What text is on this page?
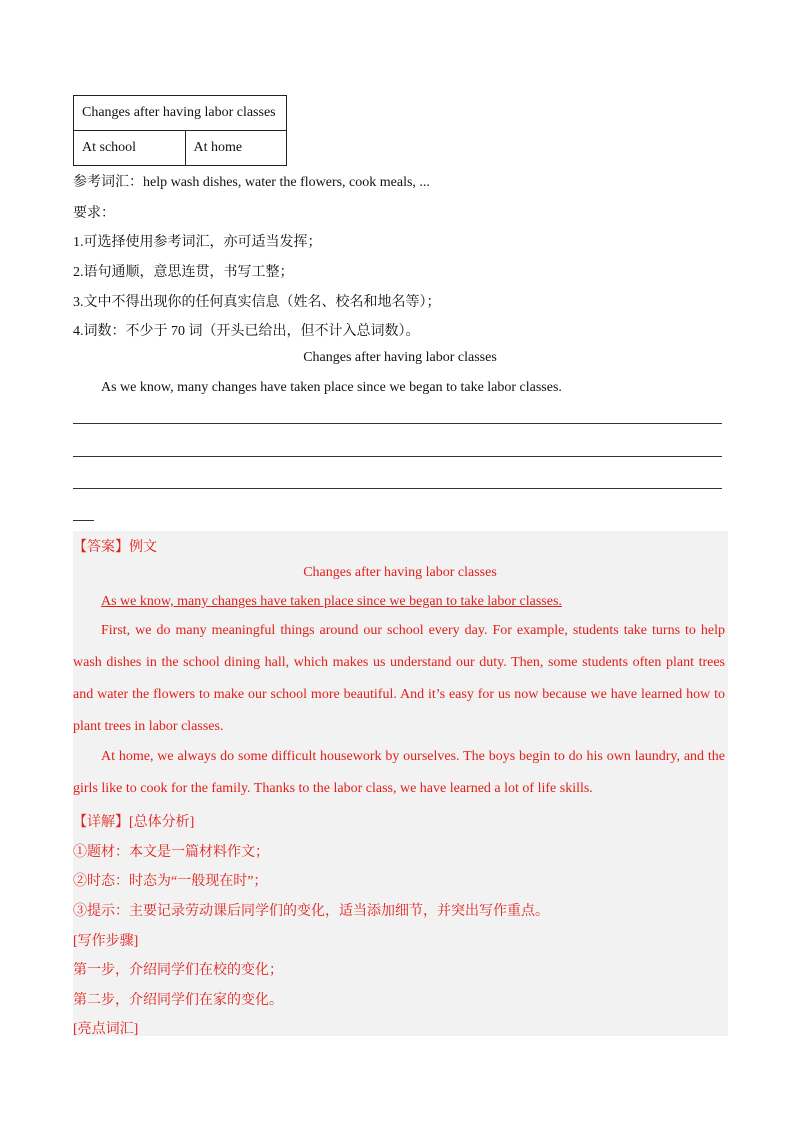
Changes after having labor classes
At school	At home
参考词汇：help wash dishes, water the flowers, cook meals, ...
要求：
1.可选择使用参考词汇，亦可适当发挥；
2.语句通顺，意思连贯，书写工整；
3.文中不得出现你的任何真实信息（姓名、校名和地名等）；
4.词数：不少于 70 词（开头已给出，但不计入总词数）。
Changes after having labor classes
As we know, many changes have taken place since we began to take labor classes.
【答案】例文
Changes after having labor classes
As we know, many changes have taken place since we began to take labor classes.
First, we do many meaningful things around our school every day. For example, students take turns to help wash dishes in the school dining hall, which makes us understand our duty. Then, some students often plant trees and water the flowers to make our school more beautiful. And it’s easy for us now because we have learned how to plant trees in labor classes.
At home, we always do some difficult housework by ourselves. The boys begin to do his own laundry, and the girls like to cook for the family. Thanks to the labor class, we have learned a lot of life skills.
【详解】[总体分析]
①题材：本文是一篇材料作文；
②时态：时态为“一般现在时”；
③提示：主要记录劳动课后同学们的变化，适当添加细节，并突出写作重点。
[写作步骤]
第一步，介绍同学们在校的变化；
第二步，介绍同学们在家的变化。
[亮点词汇]
